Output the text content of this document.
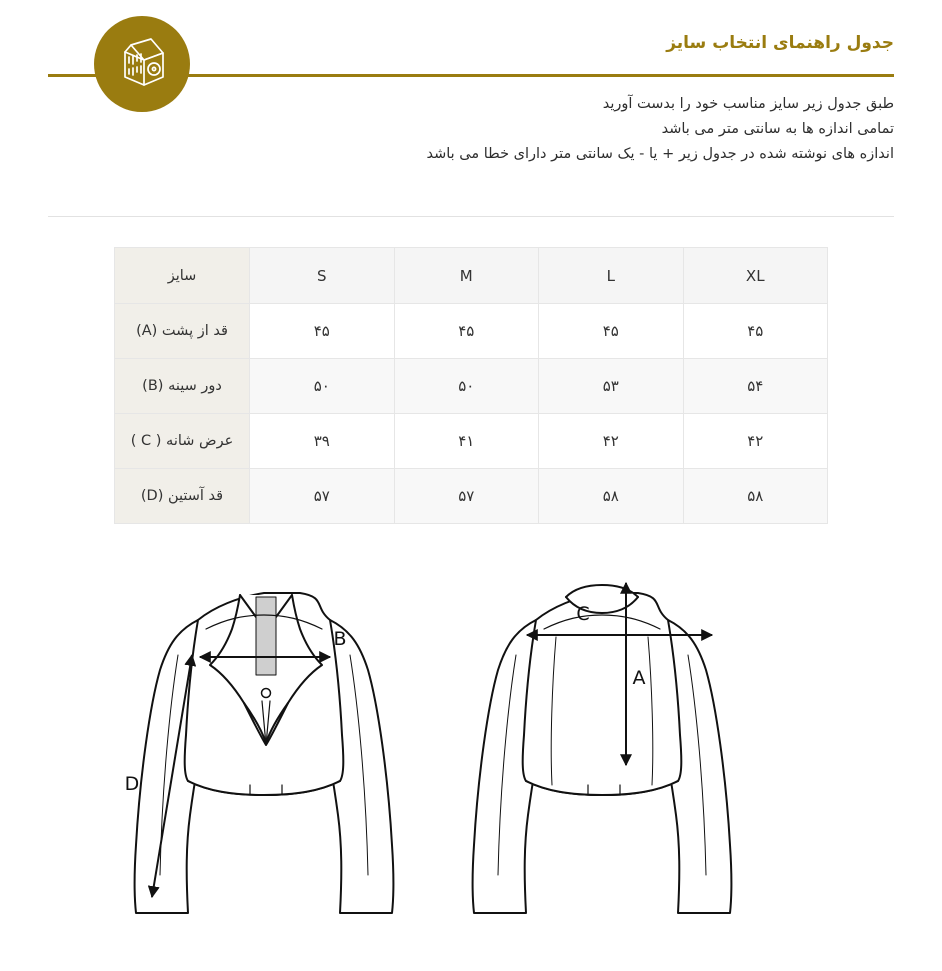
جدول راهنمای انتخاب سایز
طبق جدول زیر سایز مناسب خود را بدست آورید
تمامی اندازه ها به سانتی متر می باشد
اندازه های نوشته شده در جدول زیر + یا - یک سانتی متر دارای خطا می باشد
XL	L	M	S	سایز
۴۵	۴۵	۴۵	۴۵	قد از پشت (A)
۵۴	۵۳	۵۰	۵۰	دور سینه (B)
۴۲	۴۲	۴۱	۳۹	عرض شانه ( C )
۵۸	۵۸	۵۷	۵۷	قد آستین (D)
B
D
C
A
